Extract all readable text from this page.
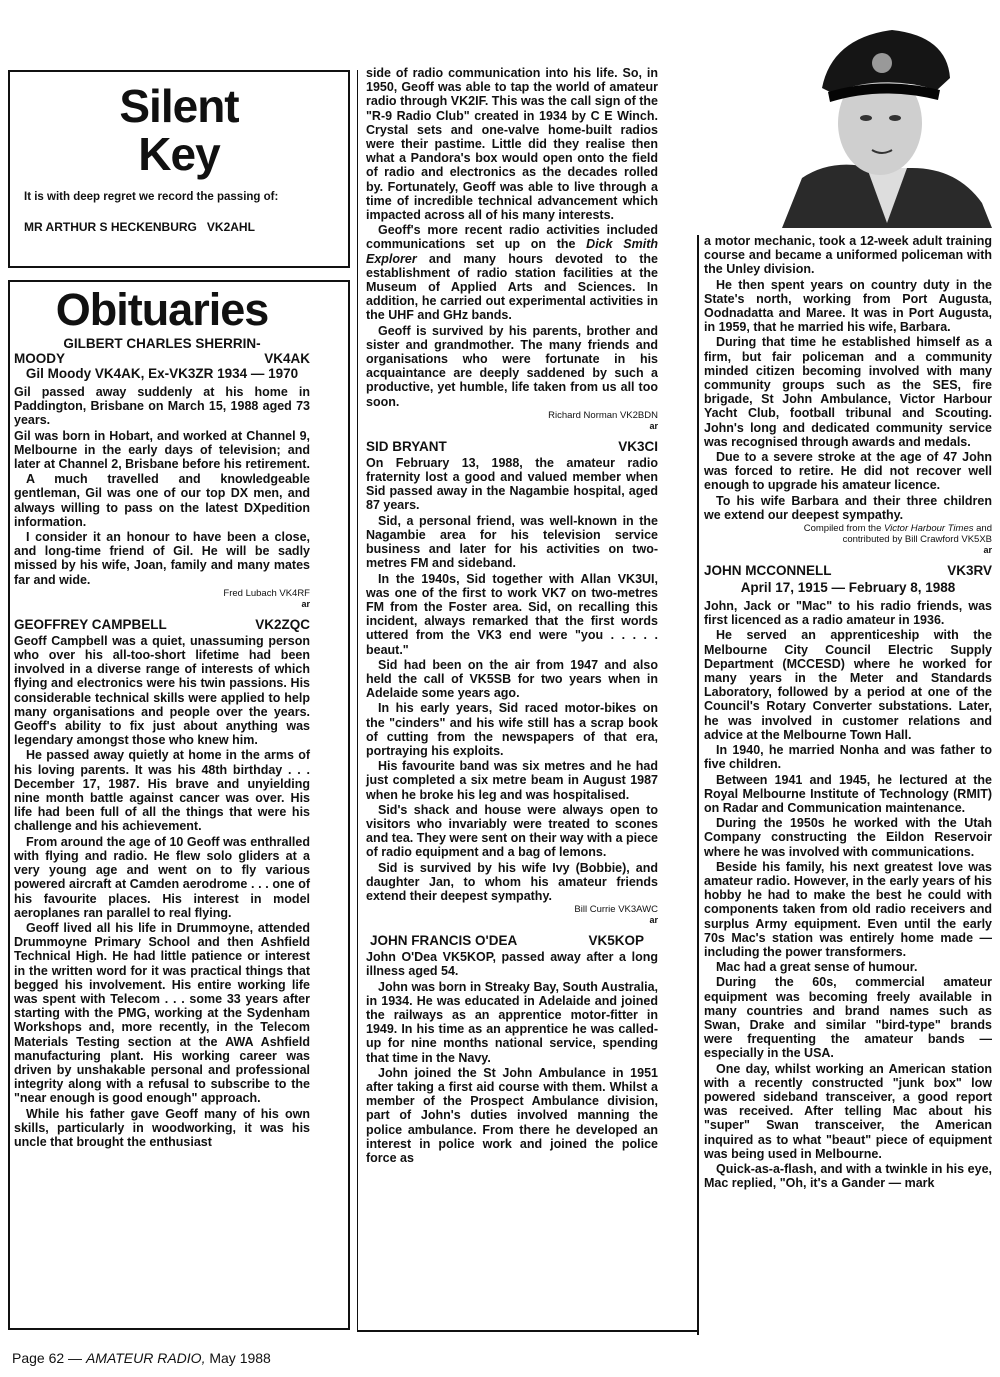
Silent
Key
It is with deep regret we record the passing of:
MR ARTHUR S HECKENBURG VK2AHL
Obituaries
GILBERT CHARLES SHERRIN-
MOODY	VK4AK
Gil Moody VK4AK, Ex-VK3ZR 1934 — 1970

Gil passed away suddenly at his home in Paddington, Brisbane on March 15, 1988 aged 73 years.

Gil was born in Hobart, and worked at Channel 9, Melbourne in the early days of television; and later at Channel 2, Brisbane before his retirement.

A much travelled and knowledgeable gentleman, Gil was one of our top DX men, and always willing to pass on the latest DXpedition information.

I consider it an honour to have been a close, and long-time friend of Gil. He will be sadly missed by his wife, Joan, family and many mates far and wide.

Fred Lubach VK4RF
ar
GEOFFREY CAMPBELL	VK2ZQC

Geoff Campbell was a quiet, unassuming person who over his all-too-short lifetime had been involved in a diverse range of interests of which flying and electronics were his twin passions. His considerable technical skills were applied to help many organisations and people over the years. Geoff's ability to fix just about anything was legendary amongst those who knew him.

He passed away quietly at home in the arms of his loving parents. It was his 48th birthday . . . December 17, 1987. His brave and unyielding nine month battle against cancer was over. His life had been full of all the things that were his challenge and his achievement.

From around the age of 10 Geoff was enthralled with flying and radio. He flew solo gliders at a very young age and went on to fly various powered aircraft at Camden aerodrome . . . one of his favourite places. His interest in model aeroplanes ran parallel to real flying.

Geoff lived all his life in Drummoyne, attended Drummoyne Primary School and then Ashfield Technical High. He had little patience or interest in the written word for it was practical things that begged his involvement. His entire working life was spent with Telecom . . . some 33 years after starting with the PMG, working at the Sydenham Workshops and, more recently, in the Telecom Materials Testing section at the AWA Ashfield manufacturing plant. His working career was driven by unshakable personal and professional integrity along with a refusal to subscribe to the "near enough is good enough" approach.

While his father gave Geoff many of his own skills, particularly in woodworking, it was his uncle that brought the enthusiast

side of radio communication into his life. So, in 1950, Geoff was able to tap the world of amateur radio through VK2IF. This was the call sign of the "R-9 Radio Club" created in 1934 by C E Winch. Crystal sets and one-valve home-built radios were their pastime. Little did they realise then what a Pandora's box would open onto the field of radio and electronics as the decades rolled by. Fortunately, Geoff was able to live through a time of incredible technical advancement which impacted across all of his many interests.

Geoff's more recent radio activities included communications set up on the Dick Smith Explorer and many hours devoted to the establishment of radio station facilities at the Museum of Applied Arts and Sciences. In addition, he carried out experimental activities in the UHF and GHz bands.

Geoff is survived by his parents, brother and sister and grandmother. The many friends and organisations who were fortunate in his acquaintance are deeply saddened by such a productive, yet humble, life taken from us all too soon.

Richard Norman VK2BDN
ar
SID BRYANT	VK3CI

On February 13, 1988, the amateur radio fraternity lost a good and valued member when Sid passed away in the Nagambie hospital, aged 87 years.

Sid, a personal friend, was well-known in the Nagambie area for his television service business and later for his activities on two-metres FM and sideband.

In the 1940s, Sid together with Allan VK3UI, was one of the first to work VK7 on two-metres FM from the Foster area. Sid, on recalling this incident, always remarked that the first words uttered from the VK3 end were "you . . . . . beaut."

Sid had been on the air from 1947 and also held the call of VK5SB for two years when in Adelaide some years ago.

In his early years, Sid raced motor-bikes on the "cinders" and his wife still has a scrap book of cutting from the newspapers of that era, portraying his exploits.

His favourite band was six metres and he had just completed a six metre beam in August 1987 when he broke his leg and was hospitalised.

Sid's shack and house were always open to visitors who invariably were treated to scones and tea. They were sent on their way with a piece of radio equipment and a bag of lemons.

Sid is survived by his wife Ivy (Bobbie), and daughter Jan, to whom his amateur friends extend their deepest sympathy.

Bill Currie VK3AWC
ar
JOHN FRANCIS O'DEA	VK5KOP

John O'Dea VK5KOP, passed away after a long illness aged 54.

John was born in Streaky Bay, South Australia, in 1934. He was educated in Adelaide and joined the railways as an apprentice motor-fitter in 1949. In his time as an apprentice he was called-up for nine months national service, spending that time in the Navy.

John joined the St John Ambulance in 1951 after taking a first aid course with them. Whilst a member of the Prospect Ambulance division, part of John's duties involved manning the police ambulance. From there he developed an interest in police work and joined the police force as

a motor mechanic, took a 12-week adult training course and became a uniformed policeman with the Unley division.

He then spent years on country duty in the State's north, working from Port Augusta, Oodnadatta and Maree. It was in Port Augusta, in 1959, that he married his wife, Barbara.

During that time he established himself as a firm, but fair policeman and a community minded citizen becoming involved with many community groups such as the SES, fire brigade, St John Ambulance, Victor Harbour Yacht Club, football tribunal and Scouting. John's long and dedicated community service was recognised through awards and medals.

Due to a severe stroke at the age of 47 John was forced to retire. He did not recover well enough to upgrade his amateur licence.

To his wife Barbara and their three children we extend our deepest sympathy.

Compiled from the Victor Harbour Times and
contributed by Bill Crawford VK5XB
ar
JOHN MCCONNELL	VK3RV
April 17, 1915 — February 8, 1988

John, Jack or "Mac" to his radio friends, was first licenced as a radio amateur in 1936.

He served an apprenticeship with the Melbourne City Council Electric Supply Department (MCCESD) where he worked for many years in the Meter and Standards Laboratory, followed by a period at one of the Council's Rotary Converter substations. Later, he was involved in customer relations and advice at the Melbourne Town Hall.

In 1940, he married Nonha and was father to five children.

Between 1941 and 1945, he lectured at the Royal Melbourne Institute of Technology (RMIT) on Radar and Communication maintenance.

During the 1950s he worked with the Utah Company constructing the Eildon Reservoir where he was involved with communications.

Beside his family, his next greatest love was amateur radio. However, in the early years of his hobby he had to make the best he could with components taken from old radio receivers and surplus Army equipment. Even until the early 70s Mac's station was entirely home made — including the power transformers.

Mac had a great sense of humour.

During the 60s, commercial amateur equipment was becoming freely available in many countries and brand names such as Swan, Drake and similar "bird-type" brands were frequenting the amateur bands — especially in the USA.

One day, whilst working an American station with a recently constructed "junk box" low powered sideband transceiver, a good report was received. After telling Mac about his "super" Swan transceiver, the American inquired as to what "beaut" piece of equipment was being used in Melbourne.

Quick-as-a-flash, and with a twinkle in his eye, Mac replied, "Oh, it's a Gander — mark

Page 62 — AMATEUR RADIO, May 1988
